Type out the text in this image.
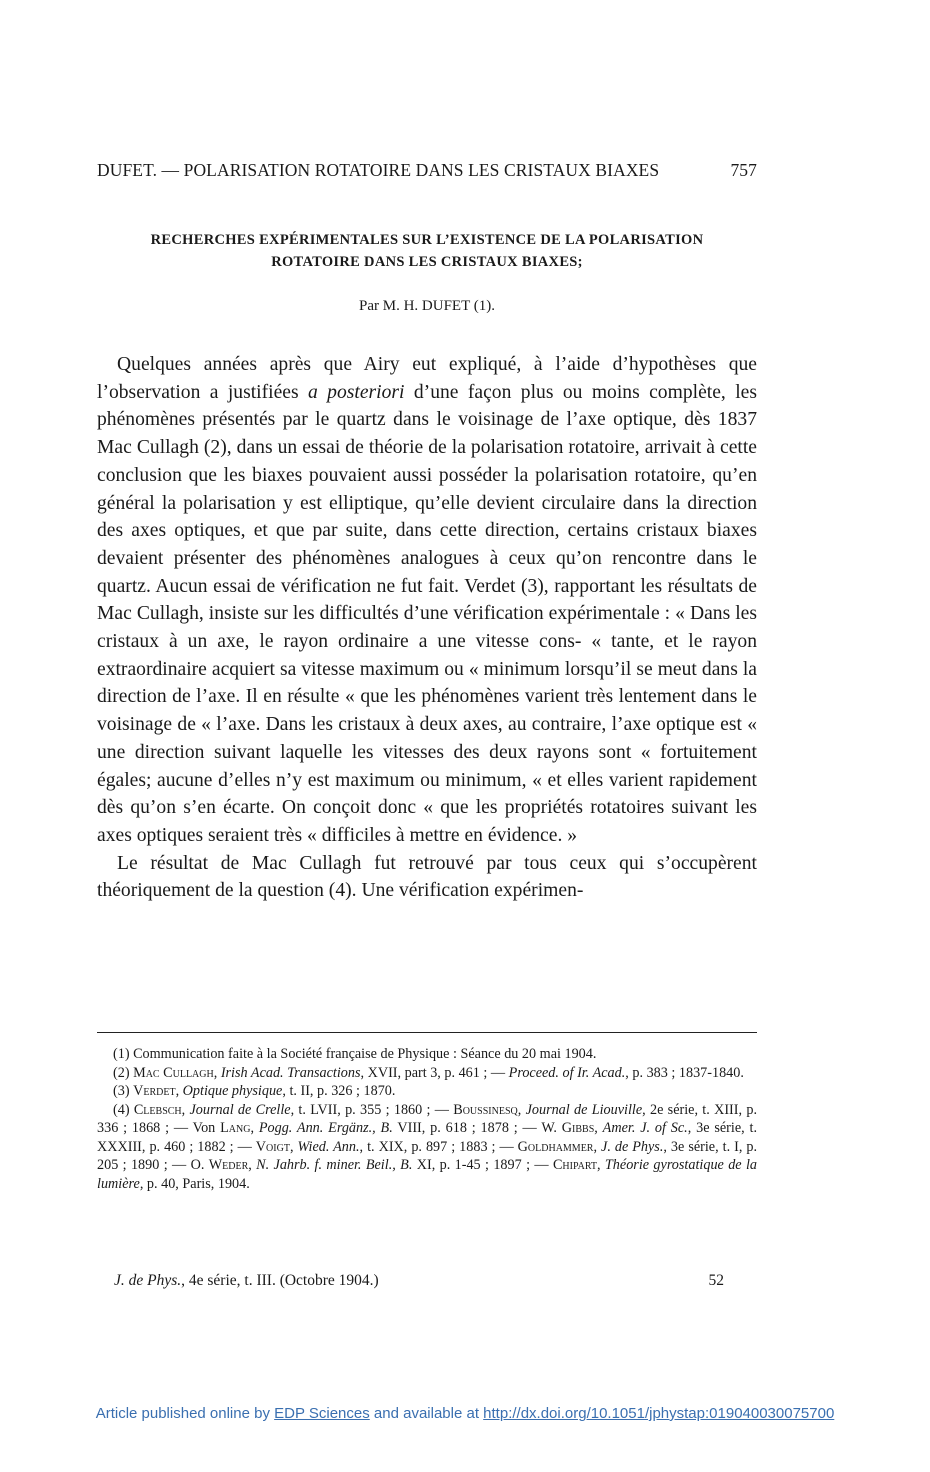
DUFET. — POLARISATION ROTATOIRE DANS LES CRISTAUX BIAXES	757
RECHERCHES EXPÉRIMENTALES SUR L’EXISTENCE DE LA POLARISATION
ROTATOIRE DANS LES CRISTAUX BIAXES;
Par M. H. DUFET (1).

Quelques années après que Airy eut expliqué, à l’aide d’hypothèses que l’observation a justifiées a posteriori d’une façon plus ou moins complète, les phénomènes présentés par le quartz dans le voisinage de l’axe optique, dès 1837 Mac Cullagh (2), dans un essai de théorie de la polarisation rotatoire, arrivait à cette conclusion que les biaxes pouvaient aussi posséder la polarisation rotatoire, qu’en général la polarisation y est elliptique, qu’elle devient circulaire dans la direction des axes optiques, et que par suite, dans cette direction, certains cristaux biaxes devaient présenter des phénomènes analogues à ceux qu’on rencontre dans le quartz. Aucun essai de vérification ne fut fait. Verdet (3), rapportant les résultats de Mac Cullagh, insiste sur les difficultés d’une vérification expérimentale : « Dans les cristaux à un axe, le rayon ordinaire a une vitesse cons- « tante, et le rayon extraordinaire acquiert sa vitesse maximum ou « minimum lorsqu’il se meut dans la direction de l’axe. Il en résulte « que les phénomènes varient très lentement dans le voisinage de « l’axe. Dans les cristaux à deux axes, au contraire, l’axe optique est « une direction suivant laquelle les vitesses des deux rayons sont « fortuitement égales; aucune d’elles n’y est maximum ou minimum, « et elles varient rapidement dès qu’on s’en écarte. On conçoit donc « que les propriétés rotatoires suivant les axes optiques seraient très « difficiles à mettre en évidence. »

Le résultat de Mac Cullagh fut retrouvé par tous ceux qui s’occupèrent théoriquement de la question (4). Une vérification expérimen-

(1) Communication faite à la Société française de Physique : Séance du 20 mai 1904.

(2) Mac Cullagh, Irish Acad. Transactions, XVII, part 3, p. 461 ; — Proceed. of Ir. Acad., p. 383 ; 1837-1840.

(3) Verdet, Optique physique, t. II, p. 326 ; 1870.

(4) Clebsch, Journal de Crelle, t. LVII, p. 355 ; 1860 ; — Boussinesq, Journal de Liouville, 2e série, t. XIII, p. 336 ; 1868 ; — Von Lang, Pogg. Ann. Ergänz., B. VIII, p. 618 ; 1878 ; — W. Gibbs, Amer. J. of Sc., 3e série, t. XXXIII, p. 460 ; 1882 ; — Voigt, Wied. Ann., t. XIX, p. 897 ; 1883 ; — Goldhammer, J. de Phys., 3e série, t. I, p. 205 ; 1890 ; — O. Weder, N. Jahrb. f. miner. Beil., B. XI, p. 1-45 ; 1897 ; — Chipart, Théorie gyrostatique de la lumière, p. 40, Paris, 1904.

J. de Phys., 4e série, t. III. (Octobre 1904.)	52
Article published online by EDP Sciences and available at http://dx.doi.org/10.1051/jphystap:019040030075700
